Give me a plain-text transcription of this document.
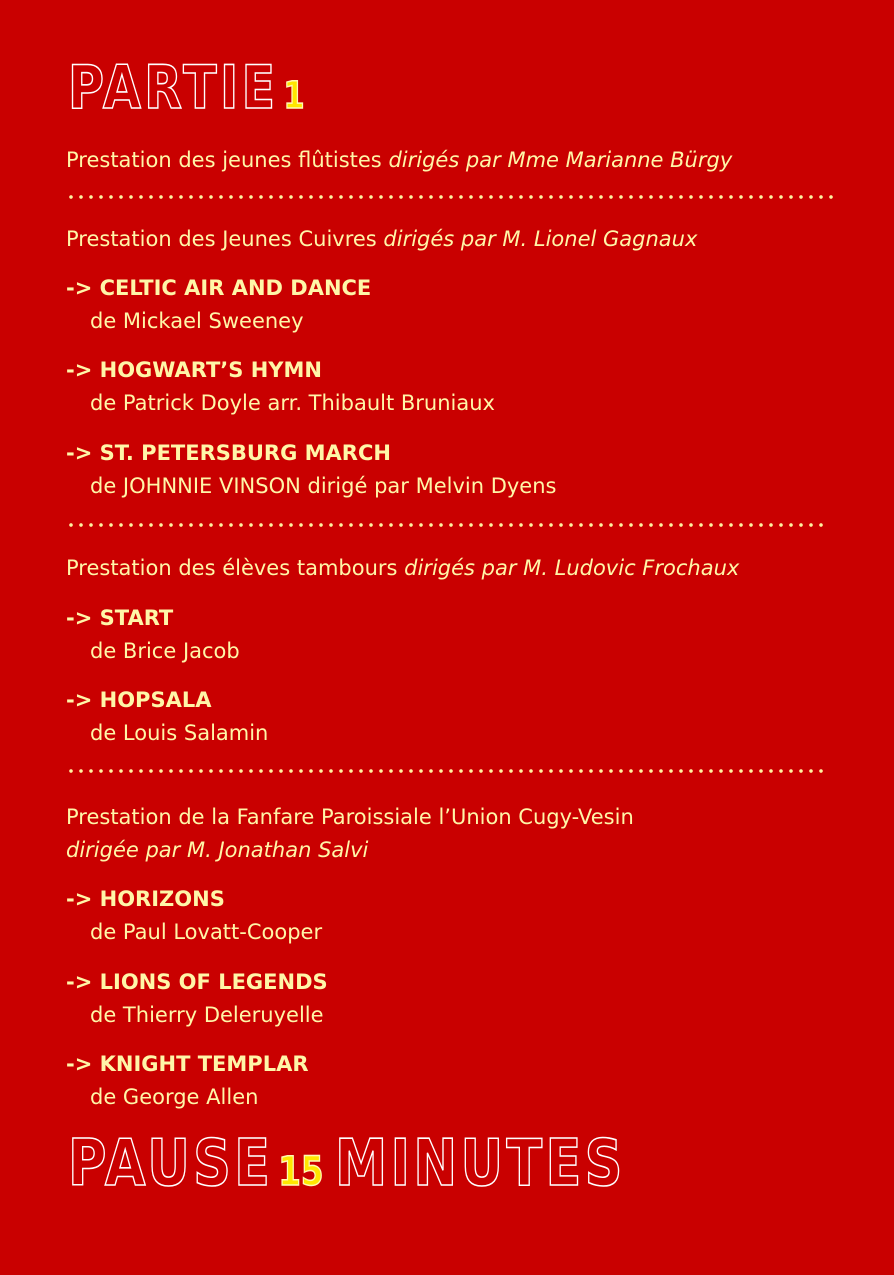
PARTIE 1
Prestation des jeunes flûtistes dirigés par Mme Marianne Bürgy
Prestation des Jeunes Cuivres dirigés par M. Lionel Gagnaux
-> CELTIC AIR AND DANCE
de Mickael Sweeney
-> HOGWART’S HYMN
de Patrick Doyle arr. Thibault Bruniaux
-> ST. PETERSBURG MARCH
de JOHNNIE VINSON dirigé par Melvin Dyens
Prestation des élèves tambours dirigés par M. Ludovic Frochaux
-> START
de Brice Jacob
-> HOPSALA
de Louis Salamin
Prestation de la Fanfare Paroissiale l’Union Cugy-Vesin
dirigée par M. Jonathan Salvi
-> HORIZONS
de Paul Lovatt-Cooper
-> LIONS OF LEGENDS
de Thierry Deleruyelle
-> KNIGHT TEMPLAR
de George Allen
PAUSE 15 MINUTES
